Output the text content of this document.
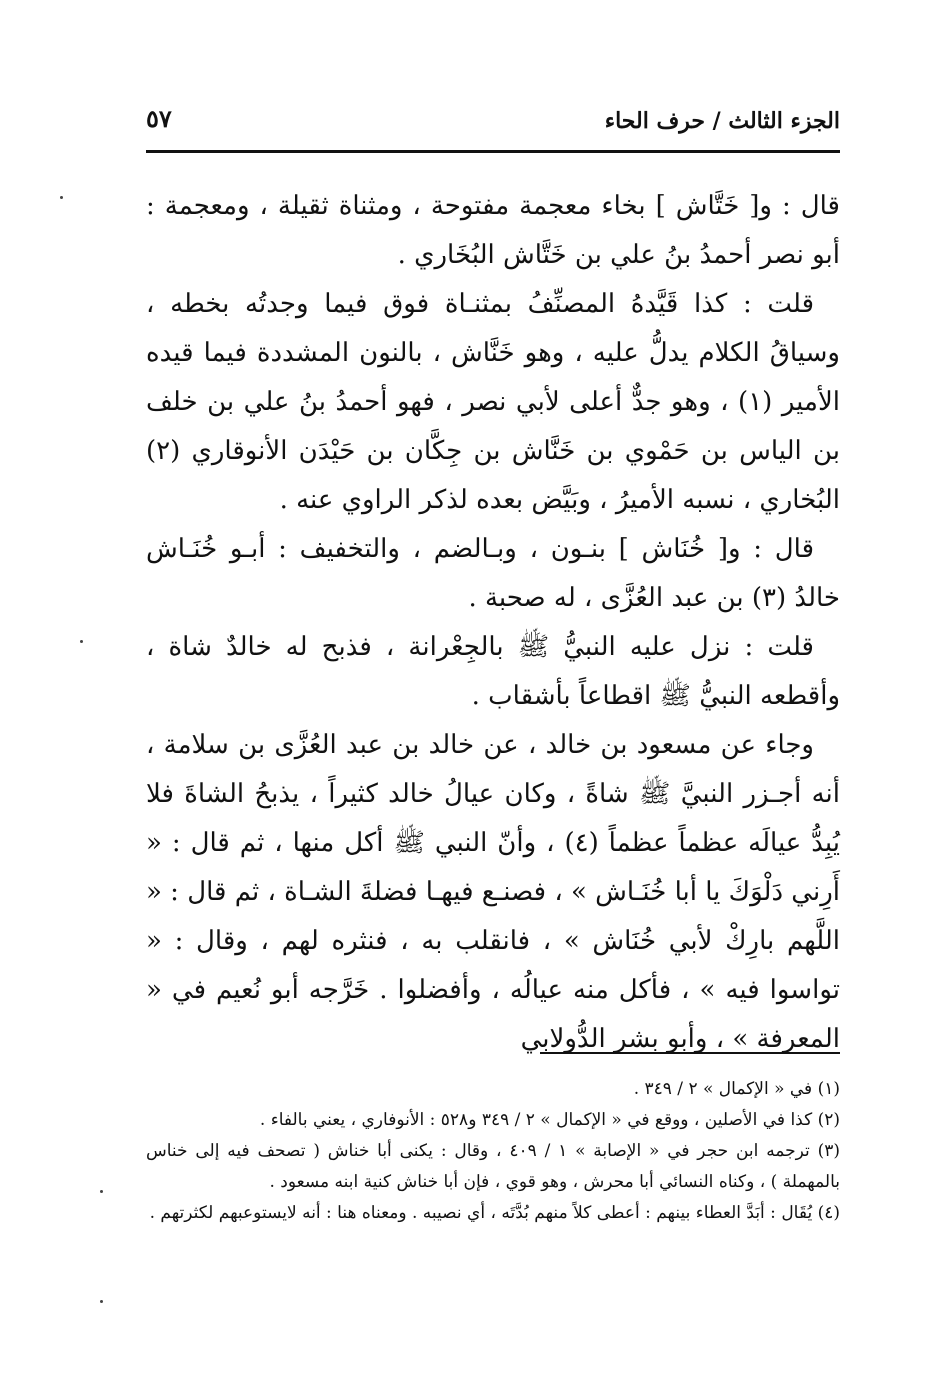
الجزء الثالث / حرف الحاء
٥٧

قال : و[ خَتَّاش ] بخاء معجمة مفتوحة ، ومثناة ثقيلة ، ومعجمة : أبو نصر أحمدُ بنُ علي بن خَتَّاش البُخَاري .

قلت : كذا قَيَّدهُ المصنِّفُ بمثنـاة فوق فيما وجدتُه بخطه ، وسياقُ الكلام يدلُّ عليه ، وهو خَنَّاش ، بالنون المشددة فيما قيده الأمير (١) ، وهو جدٌّ أعلى لأبي نصر ، فهو أحمدُ بنُ علي بن خلف بن الياس بن حَمْوي بن خَنَّاش بن جِكَّان بن حَيْدَن الأنوقاري (٢) البُخاري ، نسبه الأميرُ ، وبَيَّض بعده لذكر الراوي عنه .

قال : و[ خُنَاش ] بنـون ، وبـالضم ، والتخفيف : أبـو خُنَـاش خالدُ (٣) بن عبد العُزَّى ، له صحبة .

قلت : نزل عليه النبيُّ ﷺ بالجِعْرانة ، فذبح له خالدٌ شاة ، وأقطعه النبيُّ ﷺ اقطاعاً بأشقاب .

وجاء عن مسعود بن خالد ، عن خالد بن عبد العُزَّى بن سلامة ، أنه أجـزر النبيَّ ﷺ شاةً ، وكان عيالُ خالد كثيراً ، يذبحُ الشاةَ فلا يُبِدُّ عيالَه عظماً عظماً (٤) ، وأنّ النبي ﷺ أكل منها ، ثم قال : « أَرِني دَلْوَكَ يا أبا خُنَـاش » ، فصنـع فيهـا فضلةَ الشـاة ، ثم قال : « اللَّهم بارِكْ لأبي خُنَاش » ، فانقلب به ، فنثره لهم ، وقال : « تواسوا فيه » ، فأكل منه عيالُه ، وأفضلوا . خَرَّجه أبو نُعيم في « المعرفة » ، وأبو بشر الدُّولابي

(١) في « الإكمال » ٢ / ٣٤٩ .

(٢) كذا في الأصلين ، ووقع في « الإكمال » ٢ / ٣٤٩ و٥٢٨ : الأنوفاري ، يعني بالفاء .

(٣) ترجمه ابن حجر في « الإصابة » ١ / ٤٠٩ ، وقال : يكنى أبا خناش ( تصحف فيه إلى خناس بالمهملة ) ، وكناه النسائي أبا محرش ، وهو قوي ، فإن أبا خناش كنية ابنه مسعود .

(٤) يُقَال : أبَدَّ العطاء بينهم : أعطى كلاً منهم بُدَّتَه ، أي نصيبه . ومعناه هنا : أنه لايستوعبهم لكثرتهم .
